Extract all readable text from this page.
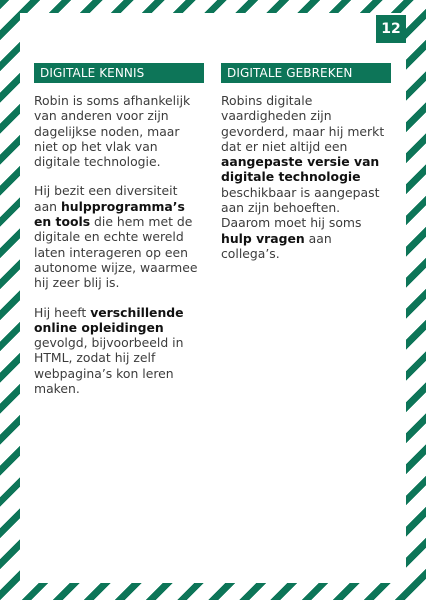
12
DIGITALE KENNIS

Robin is soms afhankelijk van anderen voor zijn dagelijkse noden, maar niet op het vlak van digitale technologie.

Hij bezit een diversiteit aan hulpprogramma’s en tools die hem met de digitale en echte wereld laten interageren op een autonome wijze, waarmee hij zeer blij is.

Hij heeft verschillende online opleidingen gevolgd, bijvoorbeeld in HTML, zodat hij zelf webpagina’s kon leren maken.

DIGITALE GEBREKEN

Robins digitale vaardigheden zijn gevorderd, maar hij merkt dat er niet altijd een aangepaste versie van digitale technologie beschikbaar is aangepast aan zijn behoeften. Daarom moet hij soms hulp vragen aan collega’s.
